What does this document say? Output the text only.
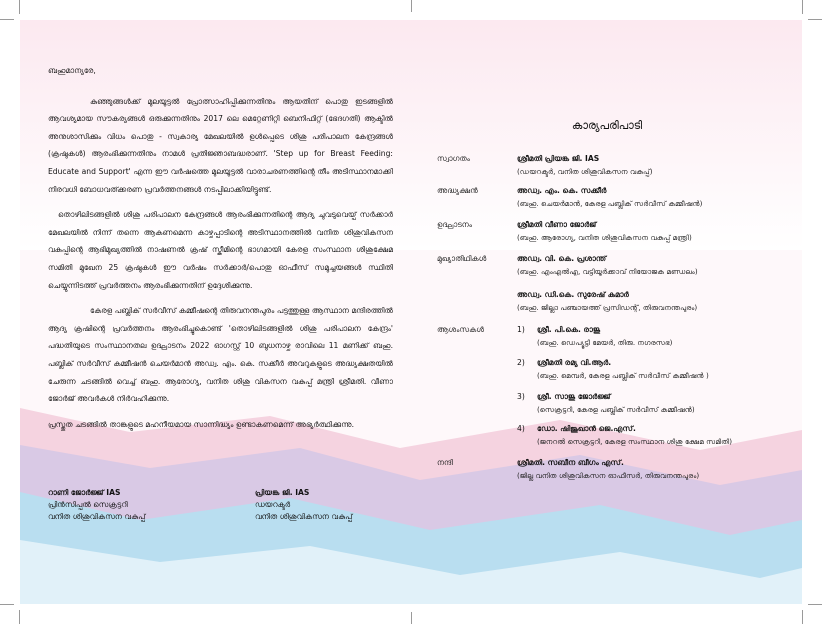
ബഹുമാന്യരേ,

കുഞ്ഞുങ്ങൾക്ക് മുലയൂട്ടൽ പ്രോത്സാഹിപ്പിക്കുന്നതിനും ആയതിന് പൊതു ഇടങ്ങളിൽ ആവശ്യമായ സൗകര്യങ്ങൾ ഒരുക്കുന്നതിനും 2017 ലെ മെറ്റേണിറ്റി ബെനിഫിറ്റ് (ഭേദഗതി) ആക്ടിൽ അനുശാസിക്കും വിധം പൊതു - സ്വകാര്യ മേഖലയിൽ ഉൾപ്പെടെ ശിശു പരിപാലന കേന്ദ്രങ്ങൾ (ക്രഷുകൾ) ആരംഭിക്കുന്നതിനും നാമൾ പ്രതിജ്ഞാബദ്ധരാണ്. 'Step up for Breast Feeding: Educate and Support' എന്ന ഈ വർഷത്തെ മുലയൂട്ടൽ വാരാചരണത്തിന്റെ തീം അടിസ്ഥാനമാക്കി നിരവധി ബോധവത്ക്കരണ പ്രവർത്തനങ്ങൾ നടപ്പിലാക്കിയിട്ടുണ്ട്.

തൊഴിലിടങ്ങളിൽ ശിശു പരിപാലന കേന്ദ്രങ്ങൾ ആരംഭിക്കുന്നതിന്റെ ആദ്യ ചുവടുവെയ്പ് സർക്കാർ മേഖലയിൽ നിന്ന് തന്നെ ആകണമെന്ന കാഴ്ചപ്പാടിന്റെ അടിസ്ഥാനത്തിൽ വനിത ശിശുവികസന വകുപ്പിന്റെ ആഭിമുഖ്യത്തിൽ നാഷണൽ ക്രഷ് സ്കീമിന്റെ ഭാഗമായി കേരള സംസ്ഥാന ശിശുക്ഷേമ സമിതി മുഖേന 25 ക്രഷുകൾ ഈ വർഷം സർക്കാർ/പൊതു ഓഫീസ് സമുച്ചയങ്ങൾ സ്ഥിതി ചെയ്യുന്നിടത്ത് പ്രവർത്തനം ആരംഭിക്കുന്നതിന് ഉദ്ദേശിക്കുന്നു.

കേരള പബ്ലിക് സർവീസ് കമ്മീഷന്റെ തിരുവനന്തപുരം പട്ടത്തുള്ള ആസ്ഥാന മന്ദിരത്തിൽ ആദ്യ ക്രഷിന്റെ പ്രവർത്തനം ആരംഭിച്ചുകൊണ്ട് 'തൊഴിലിടങ്ങളിൽ ശിശു പരിപാലന കേന്ദ്രം' പദ്ധതിയുടെ സംസ്ഥാനതല ഉദ്ഘാടനം 2022 ഓഗസ്റ്റ് 10 ബുധനാഴ്ച രാവിലെ 11 മണിക്ക് ബഹു. പബ്ലിക് സർവീസ് കമ്മീഷൻ ചെയർമാൻ അഡ്വ. എം. കെ. സക്കീർ അവറുകളുടെ അദ്ധ്യക്ഷതയിൽ ചേരുന്ന ചടങ്ങിൽ വെച്ച് ബഹു. ആരോഗ്യ, വനിത ശിശു വികസന വകുപ്പ് മന്ത്രി ശ്രീമതി. വീണാ ജോർജ് അവർകൾ നിർവഹിക്കുന്നു.

പ്രസ്തുത ചടങ്ങിൽ താങ്കളുടെ മഹനീയമായ സാന്നിദ്ധ്യം ഉണ്ടാകണമെന്ന് അഭ്യർത്ഥിക്കുന്നു.

റാണി ജോർജ്ജ് IAS
പ്രിൻസിപ്പൽ സെക്രട്ടറി
വനിത ശിശുവികസന വകുപ്പ്
പ്രിയങ്ക ജി. IAS
ഡയറക്ടർ
വനിത ശിശുവികസന വകുപ്പ്
കാര്യപരിപാടി
സ്വാഗതം	ശ്രീമതി പ്രിയങ്ക ജി. IAS
(ഡയറക്ടർ, വനിത ശിശുവികസന വകുപ്പ്)
അദ്ധ്യക്ഷൻ	അഡ്വ. എം. കെ. സക്കീർ
(ബഹു. ചെയർമാൻ, കേരള പബ്ലിക് സർവീസ് കമ്മീഷൻ)
ഉദ്ഘാടനം	ശ്രീമതി വീണാ ജോർജ്
(ബഹു. ആരോഗ്യ, വനിത ശിശുവികസന വകുപ്പ് മന്ത്രി)
മുഖ്യാതിഥികൾ	അഡ്വ. വി. കെ. പ്രശാന്ത്
(ബഹു. എംഎൽഎ, വട്ടിയൂർക്കാവ് നിയോജക മണ്ഡലം)
അഡ്വ. ഡി.കെ. സുരേഷ് കുമാർ
(ബഹു. ജില്ലാ പഞ്ചായത്ത് പ്രസിഡന്റ്, തിരുവനന്തപുരം)
ആശംസകൾ	1)	ശ്രീ. പി.കെ. രാജു
(ബഹു. ഡെപ്യൂട്ടി മേയർ, തിരു. നഗരസഭ)
2)	ശ്രീമതി രമ്യ വി.ആർ.
(ബഹു. മെമ്പർ, കേരള പബ്ലിക് സർവീസ് കമ്മീഷൻ )
3)	ശ്രീ. സാജു ജോർജ്ജ്
(സെക്രട്ടറി, കേരള പബ്ലിക് സർവീസ് കമ്മീഷൻ)
4)	ഡോ. ഷിജൂഖാൻ ജെ.എസ്.
(ജനറൽ സെക്രട്ടറി, കേരള സംസ്ഥാന ശിശു ക്ഷേമ സമിതി)
നന്ദി	ശ്രീമതി. സബീന ബീഗം എസ്.
(ജില്ല വനിത ശിശുവികസന ഓഫീസർ, തിരുവനന്തപുരം)
